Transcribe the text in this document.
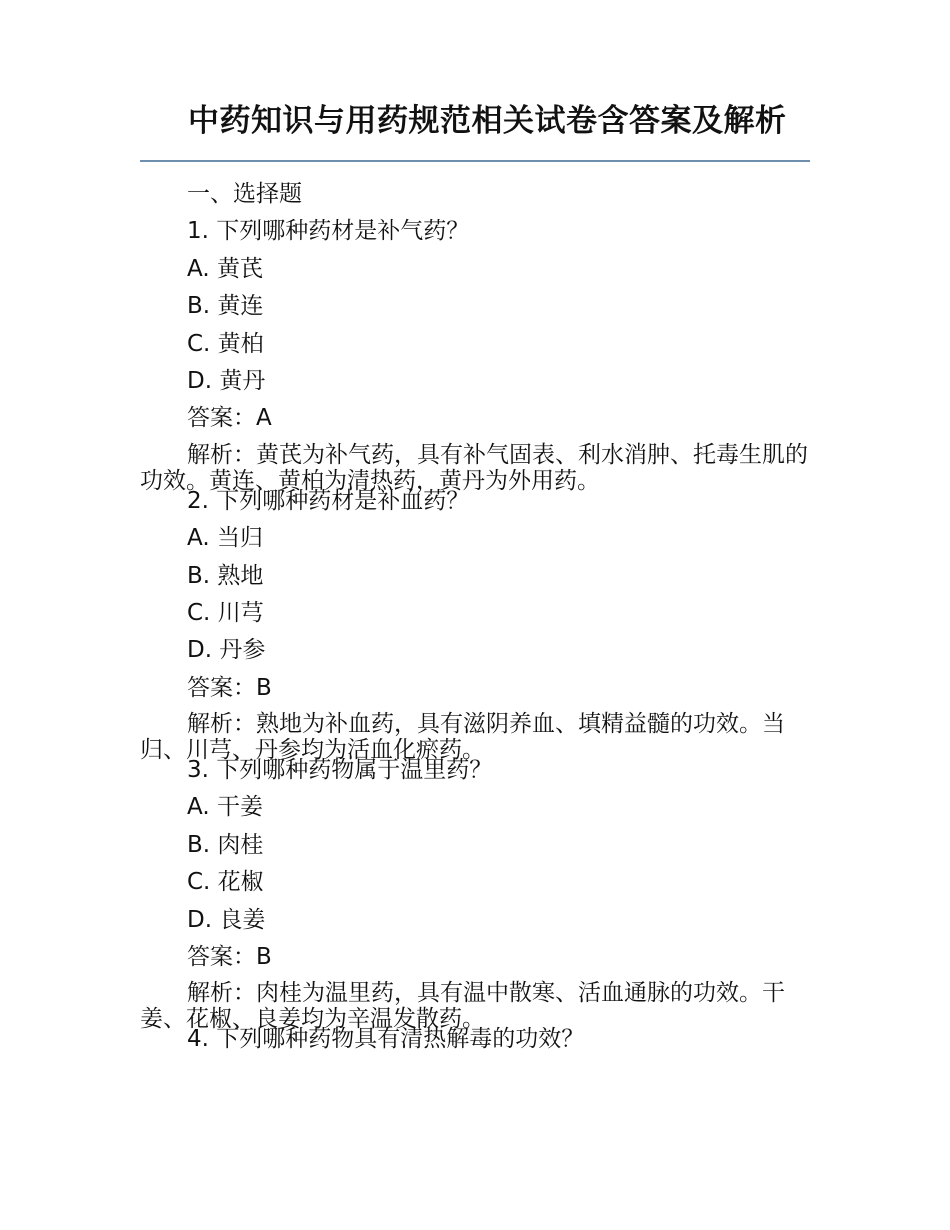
中药知识与用药规范相关试卷含答案及解析
一、选择题
1. 下列哪种药材是补气药？
A. 黄芪
B. 黄连
C. 黄柏
D. 黄丹
答案：A
解析：黄芪为补气药，具有补气固表、利水消肿、托毒生肌的功效。黄连、黄柏为清热药，黄丹为外用药。
2. 下列哪种药材是补血药？
A. 当归
B. 熟地
C. 川芎
D. 丹参
答案：B
解析：熟地为补血药，具有滋阴养血、填精益髓的功效。当归、川芎、丹参均为活血化瘀药。
3. 下列哪种药物属于温里药？
A. 干姜
B. 肉桂
C. 花椒
D. 良姜
答案：B
解析：肉桂为温里药，具有温中散寒、活血通脉的功效。干姜、花椒、良姜均为辛温发散药。
4. 下列哪种药物具有清热解毒的功效？
